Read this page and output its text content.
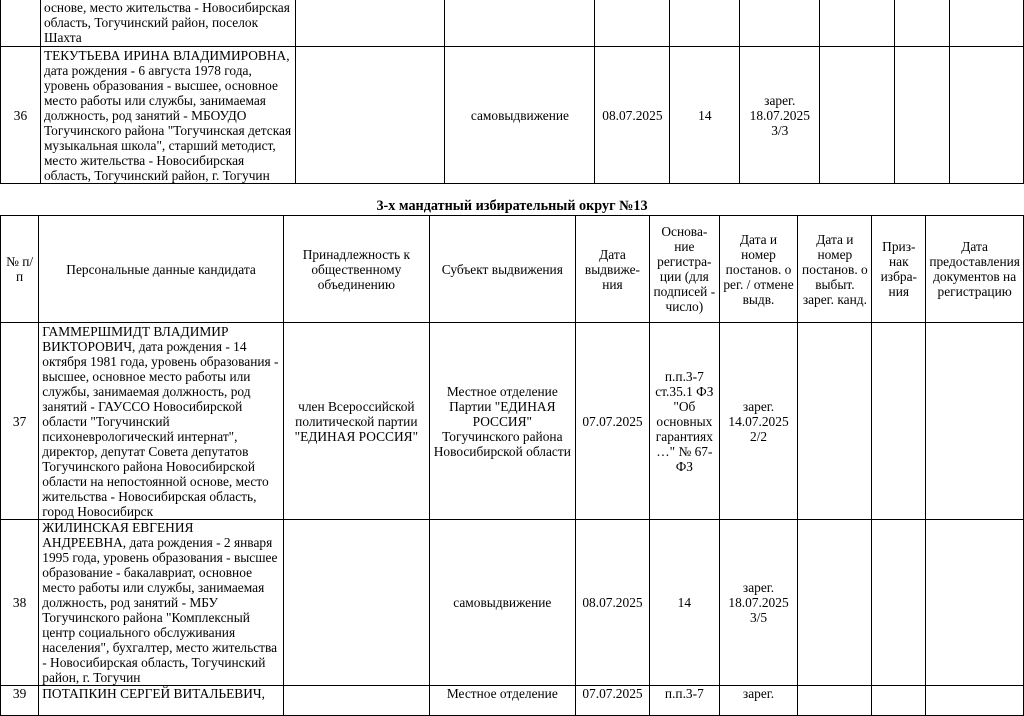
	основе, место жительства - Новосибирская область, Тогучинский район, поселок Шахта								
36	ТЕКУТЬЕВА ИРИНА ВЛАДИМИРОВНА, дата рождения - 6 августа 1978 года, уровень образования - высшее, основное место работы или службы, занимаемая должность, род занятий - МБОУДО Тогучинского района "Тогучинская детская музыкальная школа", старший методист, место жительства - Новосибирская область, Тогучинский район, г. Тогучин		самовыдвижение	08.07.2025	14	зарег. 18.07.2025 3/3			
3-х мандатный избирательный округ №13
№ п/п	Персональные данные кандидата	Принадлежность к общественному объединению	Субъект выдвижения	Дата выдвиже-ния	Основа-ние регистра-ции (для подписей - число)	Дата и номер постанов. о рег. / отмене выдв.	Дата и номер постанов. о выбыт. зарег. канд.	Приз-нак избра-ния	Дата предоставления документов на регистрацию
37	ГАММЕРШМИДТ ВЛАДИМИР ВИКТОРОВИЧ, дата рождения - 14 октября 1981 года, уровень образования - высшее, основное место работы или службы, занимаемая должность, род занятий - ГАУССО Новосибирской области "Тогучинский психоневрологический интернат", директор, депутат Совета депутатов Тогучинского района Новосибирской области на непостоянной основе, место жительства - Новосибирская область, город Новосибирск	член Всероссийской политической партии "ЕДИНАЯ РОССИЯ"	Местное отделение Партии "ЕДИНАЯ РОССИЯ" Тогучинского района Новосибирской области	07.07.2025	п.п.3-7 ст.35.1 ФЗ "Об основных гарантиях …" № 67-ФЗ	зарег. 14.07.2025 2/2			
38	ЖИЛИНСКАЯ ЕВГЕНИЯ АНДРЕЕВНА, дата рождения - 2 января 1995 года, уровень образования - высшее образование - бакалавриат, основное место работы или службы, занимаемая должность, род занятий - МБУ Тогучинского района "Комплексный центр социального обслуживания населения", бухгалтер, место жительства - Новосибирская область, Тогучинский район, г. Тогучин		самовыдвижение	08.07.2025	14	зарег. 18.07.2025 3/5			
39	ПОТАПКИН СЕРГЕЙ ВИТАЛЬЕВИЧ,		Местное отделение	07.07.2025	п.п.3-7	зарег.			
